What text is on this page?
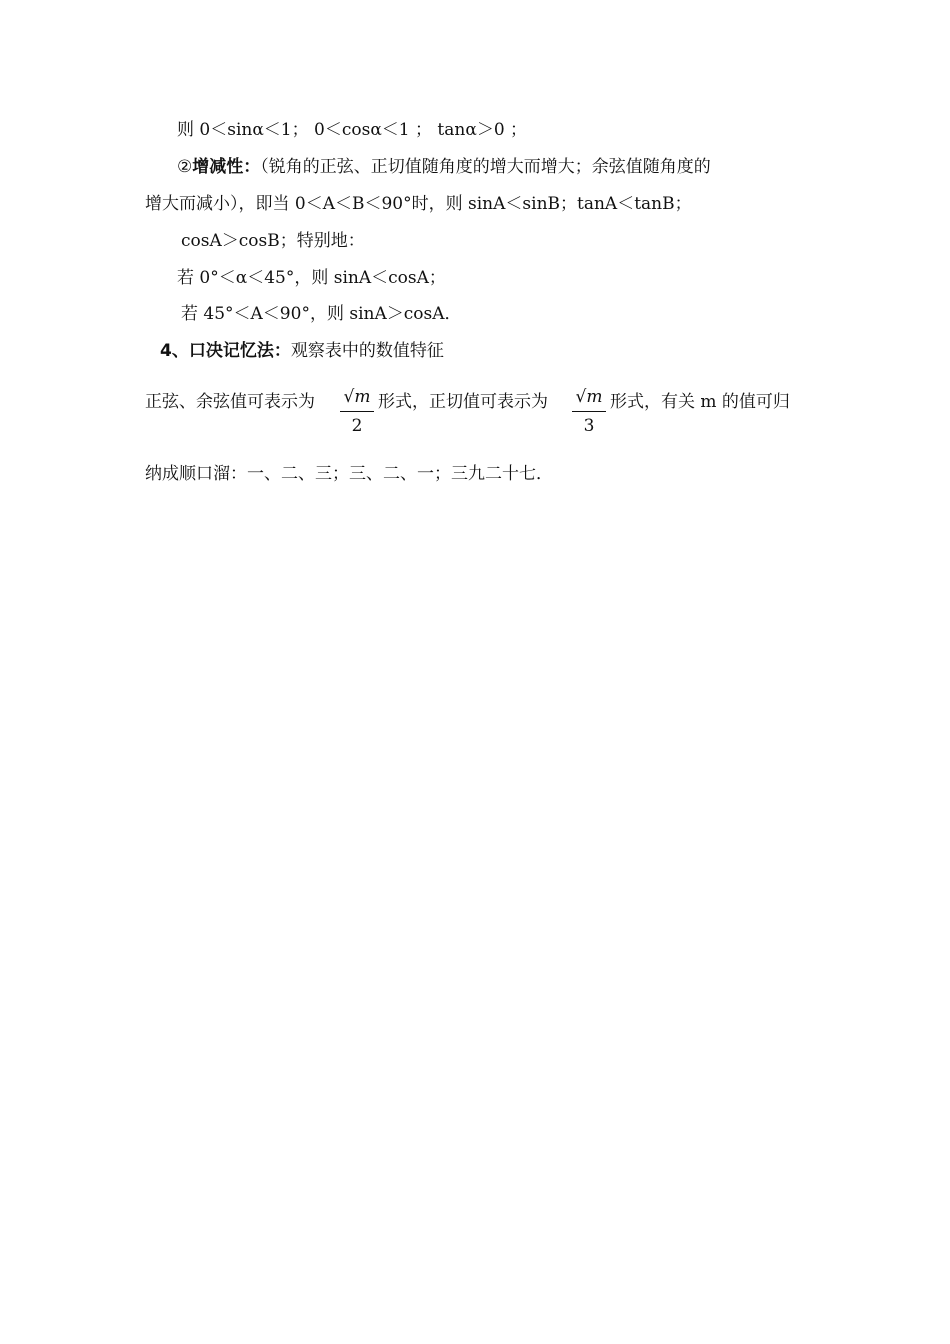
则 0＜sinα＜1； 0＜cosα＜1 ； tanα＞0 ；
②增减性：（锐角的正弦、正切值随角度的增大而增大；余弦值随角度的
增大而减小），即当 0＜A＜B＜90°时，则 sinA＜sinB；tanA＜tanB；
cosA＞cosB；特别地：
若 0°＜α＜45°，则 sinA＜cosA；
若 45°＜A＜90°，则 sinA＞cosA．
4、口决记忆法：观察表中的数值特征
正弦、余弦值可表示为 √m
2
形式，正切值可表示为 √m
3
形式，有关 m 的值可归
纳成顺口溜：一、二、三；三、二、一；三九二十七．
